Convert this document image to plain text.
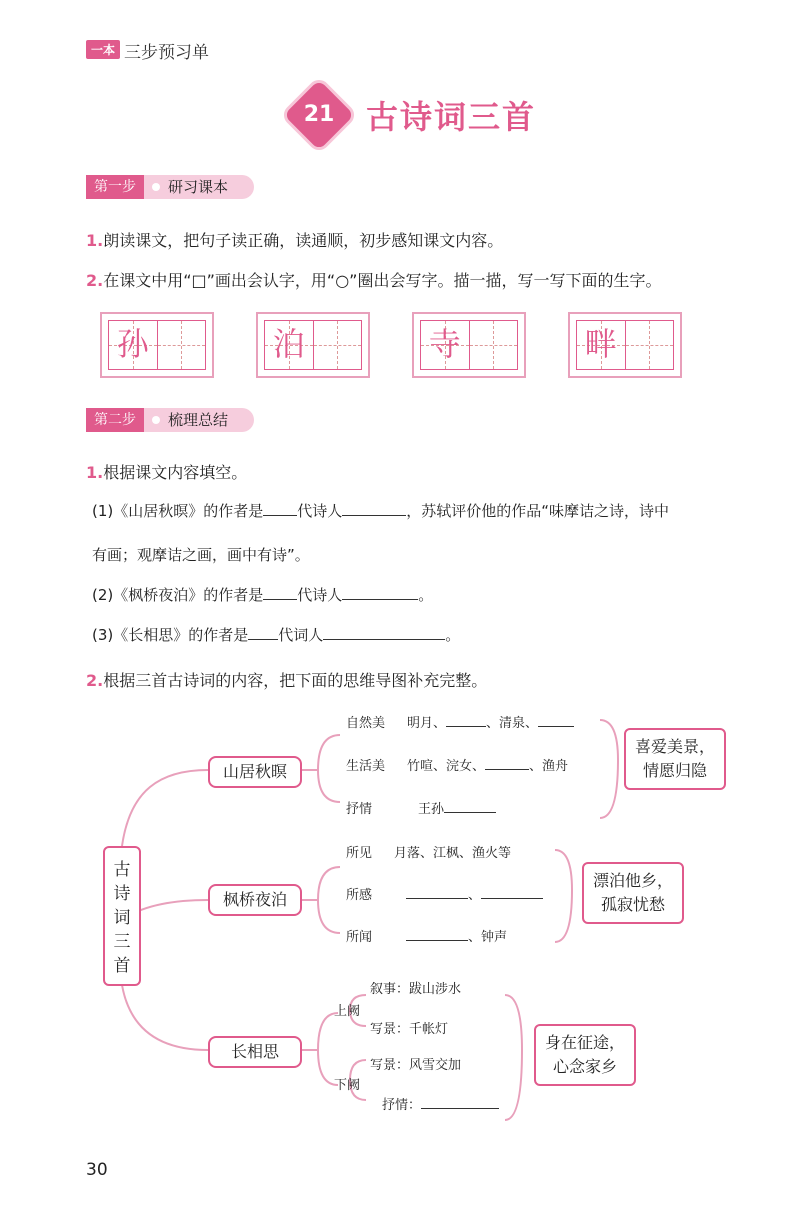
一本 三步预习单
21 古诗词三首
第一步	研习课本
1.朗读课文，把句子读正确，读通顺，初步感知课文内容。
2.在课文中用“□”画出会认字，用“○”圈出会写字。描一描，写一写下面的生字。
孙	泊	寺	畔
第二步	梳理总结
1.根据课文内容填空。
(1)《山居秋暝》的作者是 代诗人	，苏轼评价他的作品“味摩诘之诗，诗中
有画；观摩诘之画，画中有诗”。
(2)《枫桥夜泊》的作者是 代诗人	。
(3)《长相思》的作者是 代词人	。
2.根据三首古诗词的内容，把下面的思维导图补充完整。
古
诗
词
三
首
山居秋暝
自然美 明月、	、清泉、
生活美 竹喧、浣女、	、渔舟
抒情	王孙
喜爱美景，
情愿归隐
枫桥夜泊
所见 月落、江枫、渔火等
所感	、
所闻	、钟声
漂泊他乡，
孤寂忧愁
长相思
上阙
下阙
叙事：跋山涉水
写景：千帐灯
写景：风雪交加
抒情：
身在征途，
心念家乡
30
